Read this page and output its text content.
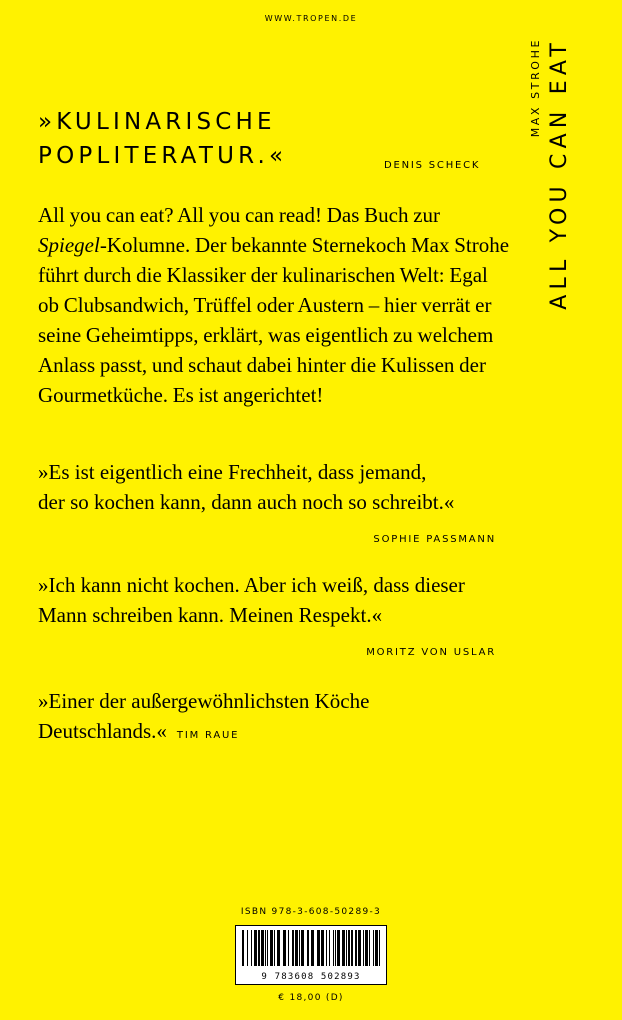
WWW.TROPEN.DE
MAX STROHE ALL YOU CAN EAT
»KULINARISCHE
POPLITERATUR.«	DENIS SCHECK
All you can eat? All you can read! Das Buch zur
Spiegel-Kolumne. Der bekannte Sternekoch Max Strohe
führt durch die Klassiker der kulinarischen Welt: Egal
ob Clubsandwich, Trüffel oder Austern – hier verrät er
seine Geheimtipps, erklärt, was eigentlich zu welchem
Anlass passt, und schaut dabei hinter die Kulissen der
Gourmetküche. Es ist angerichtet!
»Es ist eigentlich eine Frechheit, dass jemand,
der so kochen kann, dann auch noch so schreibt.«
SOPHIE PASSMANN
»Ich kann nicht kochen. Aber ich weiß, dass dieser
Mann schreiben kann. Meinen Respekt.«
MORITZ VON USLAR
»Einer der außergewöhnlichsten Köche
Deutschlands.« TIM RAUE
ISBN 978-3-608-50289-3
9 783608 502893
€ 18,00 (D)
